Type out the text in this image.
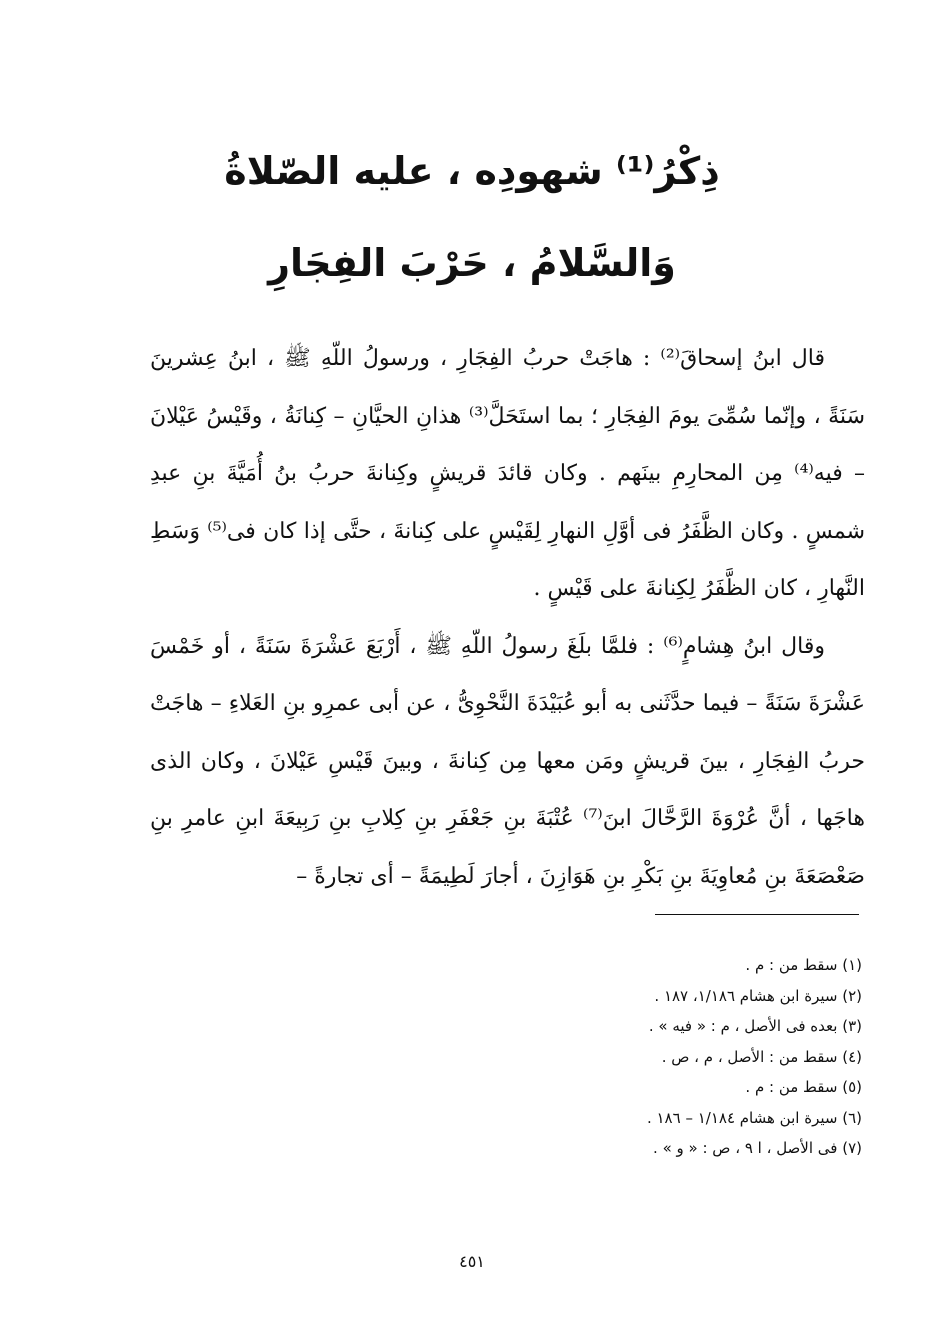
ذِكْرُ⁽¹⁾ شهودِه ، عليه الصّلاةُ
وَالسَّلامُ ، حَرْبَ الفِجَارِ

قال ابنُ إسحاقَ⁽²⁾ : هاجَتْ حربُ الفِجَارِ ، ورسولُ اللّهِ ﷺ ، ابنُ عِشرينَ سَنَةً ، وإنّما سُمِّىَ يومَ الفِجَارِ ؛ بما استَحَلَّ⁽³⁾ هذانِ الحيَّانِ – كِنانَةُ ، وقَيْسُ عَيْلانَ – فيه⁽⁴⁾ مِن المحارِمِ بينَهم . وكان قائدَ قريشٍ وكِنانةَ حربُ بنُ أُمَيَّةَ بنِ عبدِ شمسٍ . وكان الظَّفَرُ فى أوَّلِ النهارِ لِقَيْسٍ على كِنانةَ ، حتَّى إذا كان فى⁽⁵⁾ وَسَطِ النَّهارِ ، كان الظَّفَرُ لِكِنانةَ على قَيْسٍ .

وقال ابنُ هِشامٍ⁽⁶⁾ : فلمَّا بلَغَ رسولُ اللّهِ ﷺ ، أَرْبَعَ عَشْرَةَ سَنَةً ، أو خَمْسَ عَشْرَةَ سَنَةً – فيما حدَّثَنى به أبو عُبَيْدَةَ النَّحْوِىُّ ، عن أبى عمرِو بنِ العَلاءِ – هاجَتْ حربُ الفِجَارِ ، بينَ قريشٍ ومَن معها مِن كِنانةَ ، وبينَ قَيْسِ عَيْلانَ ، وكان الذى هاجَها ، أنَّ عُرْوَةَ الرَّحَّالَ ابنَ⁽⁷⁾ عُتْبَةَ بنِ جَعْفَرِ بنِ كِلابِ بنِ رَبِيعَةَ ابنِ عامرِ بنِ صَعْصَعَةَ بنِ مُعاوِيَةَ بنِ بَكْرِ بنِ هَوَازِنَ ، أجارَ لَطِيمَةً – أى تجارةً –

(١) سقط من : م .
(٢) سيرة ابن هشام ١/١٨٦، ١٨٧ .
(٣) بعده فى الأصل ، م : « فيه » .
(٤) سقط من : الأصل ، م ، ص .
(٥) سقط من : م .
(٦) سيرة ابن هشام ١/١٨٤ – ١٨٦ .
(٧) فى الأصل ، ا ٩ ، ص : « و » .
٤٥١
